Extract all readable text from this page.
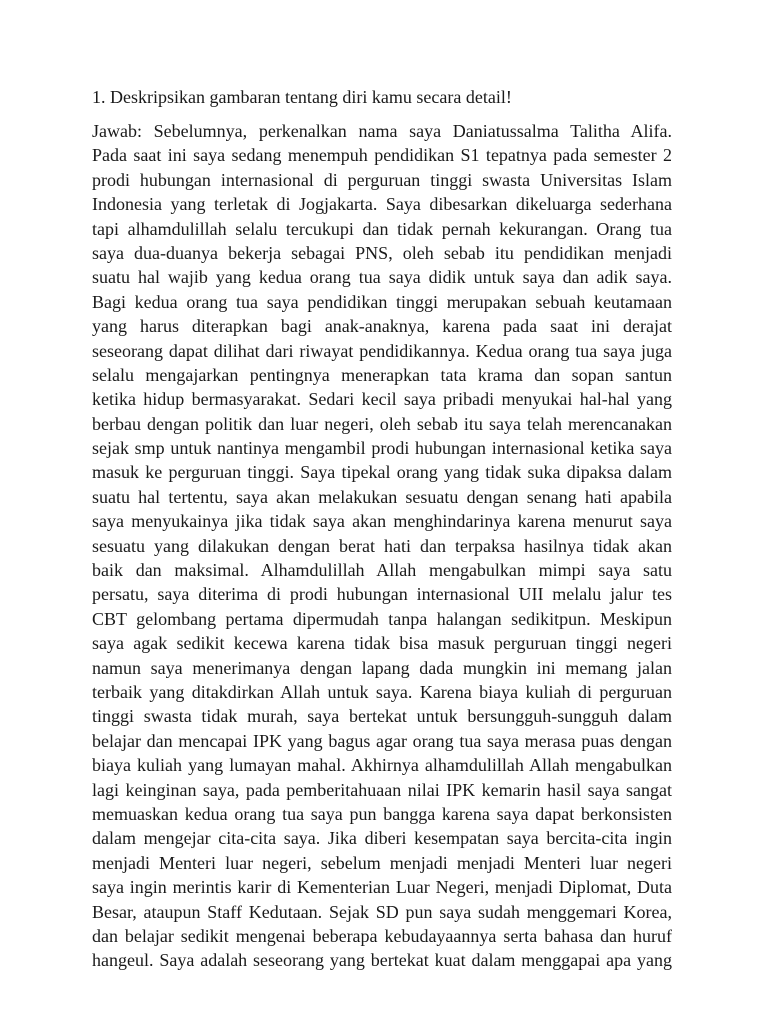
1. Deskripsikan gambaran tentang diri kamu secara detail!

Jawab: Sebelumnya, perkenalkan nama saya Daniatussalma Talitha Alifa.
Pada saat ini saya sedang menempuh pendidikan S1 tepatnya pada semester 2
prodi hubungan internasional di perguruan tinggi swasta Universitas Islam
Indonesia yang terletak di Jogjakarta. Saya dibesarkan dikeluarga sederhana
tapi alhamdulillah selalu tercukupi dan tidak pernah kekurangan. Orang tua
saya dua-duanya bekerja sebagai PNS, oleh sebab itu pendidikan menjadi
suatu hal wajib yang kedua orang tua saya didik untuk saya dan adik saya.
Bagi kedua orang tua saya pendidikan tinggi merupakan sebuah keutamaan
yang harus diterapkan bagi anak-anaknya, karena pada saat ini derajat
seseorang dapat dilihat dari riwayat pendidikannya. Kedua orang tua saya juga
selalu mengajarkan pentingnya menerapkan tata krama dan sopan santun
ketika hidup bermasyarakat. Sedari kecil saya pribadi menyukai hal-hal yang
berbau dengan politik dan luar negeri, oleh sebab itu saya telah merencanakan
sejak smp untuk nantinya mengambil prodi hubungan internasional ketika saya
masuk ke perguruan tinggi. Saya tipekal orang yang tidak suka dipaksa dalam
suatu hal tertentu, saya akan melakukan sesuatu dengan senang hati apabila
saya menyukainya jika tidak saya akan menghindarinya karena menurut saya
sesuatu yang dilakukan dengan berat hati dan terpaksa hasilnya tidak akan
baik dan maksimal. Alhamdulillah Allah mengabulkan mimpi saya satu
persatu, saya diterima di prodi hubungan internasional UII melalu jalur tes
CBT gelombang pertama dipermudah tanpa halangan sedikitpun. Meskipun
saya agak sedikit kecewa karena tidak bisa masuk perguruan tinggi negeri
namun saya menerimanya dengan lapang dada mungkin ini memang jalan
terbaik yang ditakdirkan Allah untuk saya. Karena biaya kuliah di perguruan
tinggi swasta tidak murah, saya bertekat untuk bersungguh-sungguh dalam
belajar dan mencapai IPK yang bagus agar orang tua saya merasa puas dengan
biaya kuliah yang lumayan mahal. Akhirnya alhamdulillah Allah mengabulkan
lagi keinginan saya, pada pemberitahuaan nilai IPK kemarin hasil saya sangat
memuaskan kedua orang tua saya pun bangga karena saya dapat berkonsisten
dalam mengejar cita-cita saya. Jika diberi kesempatan saya bercita-cita ingin
menjadi Menteri luar negeri, sebelum menjadi menjadi Menteri luar negeri
saya ingin merintis karir di Kementerian Luar Negeri, menjadi Diplomat, Duta
Besar, ataupun Staff Kedutaan. Sejak SD pun saya sudah menggemari Korea,
dan belajar sedikit mengenai beberapa kebudayaannya serta bahasa dan huruf
hangeul. Saya adalah seseorang yang bertekat kuat dalam menggapai apa yang
